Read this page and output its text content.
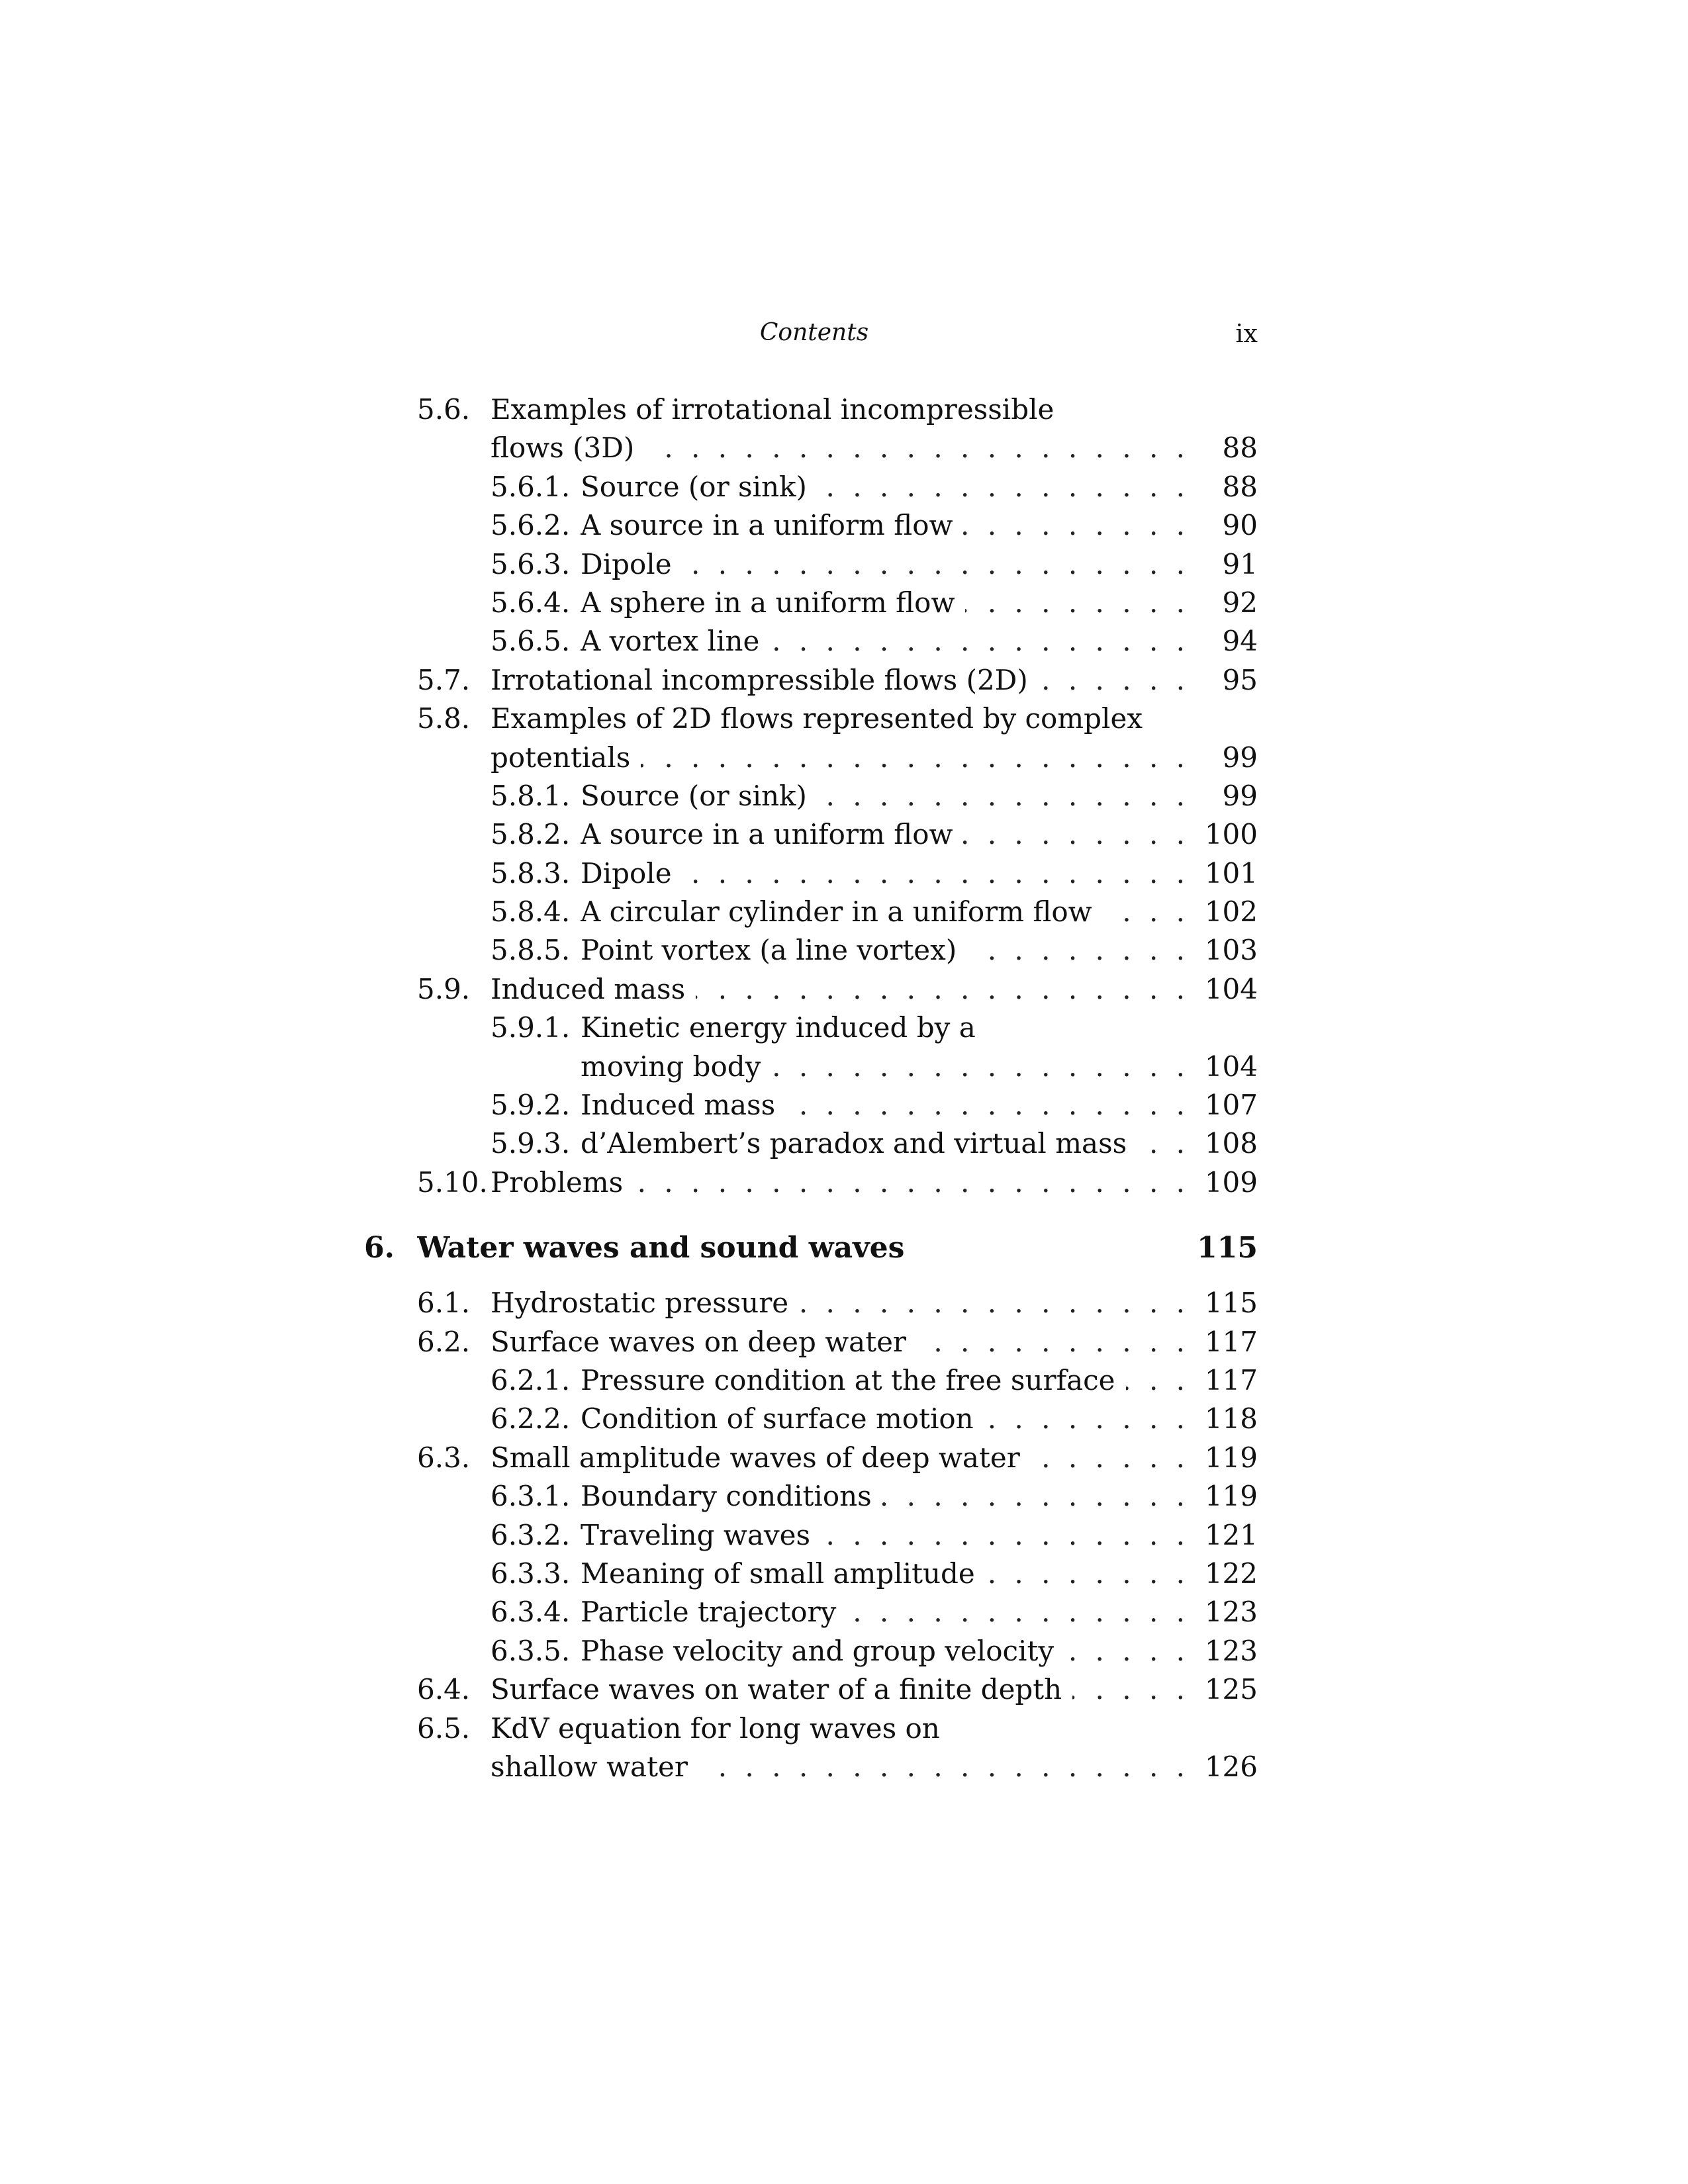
Contents	ix
5.6. Examples of irrotational incompressible
flows (3D) . . .	88
5.6.1. Source (or sink) . . .	88
5.6.2. A source in a uniform flow . . .	90
5.6.3. Dipole . . .	91
5.6.4. A sphere in a uniform flow . . .	92
5.6.5. A vortex line . . .	94
5.7. Irrotational incompressible flows (2D) . . .	95
5.8. Examples of 2D flows represented by complex
potentials . . .	99
5.8.1. Source (or sink) . . .	99
5.8.2. A source in a uniform flow . . .	100
5.8.3. Dipole . . .	101
5.8.4. A circular cylinder in a uniform flow . . .	102
5.8.5. Point vortex (a line vortex) . . .	103
5.9. Induced mass . . .	104
5.9.1. Kinetic energy induced by a
moving body . . .	104
5.9.2. Induced mass . . .	107
5.9.3. d’Alembert’s paradox and virtual mass . . .	108
5.10. Problems . . .	109
6. Water waves and sound waves	115
6.1. Hydrostatic pressure . . .	115
6.2. Surface waves on deep water . . .	117
6.2.1. Pressure condition at the free surface . . .	117
6.2.2. Condition of surface motion . . .	118
6.3. Small amplitude waves of deep water . . .	119
6.3.1. Boundary conditions . . .	119
6.3.2. Traveling waves . . .	121
6.3.3. Meaning of small amplitude . . .	122
6.3.4. Particle trajectory . . .	123
6.3.5. Phase velocity and group velocity . . .	123
6.4. Surface waves on water of a finite depth . . .	125
6.5. KdV equation for long waves on
shallow water . . .	126
